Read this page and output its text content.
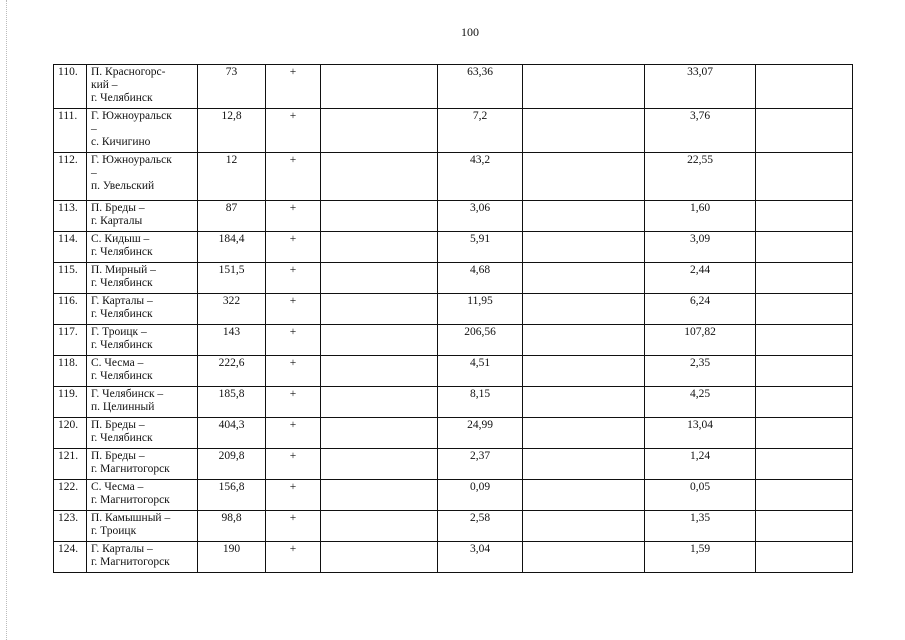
100
110.	П. Красногорс-
кий –
г. Челябинск	73	+		63,36		33,07	
111.	Г. Южноуральск
–
с. Кичигино	12,8	+		7,2		3,76	
112.	Г. Южноуральск
–
п. Увельский	12	+		43,2		22,55	
113.	П. Бреды –
г. Карталы	87	+		3,06		1,60	
114.	С. Кидыш –
г. Челябинск	184,4	+		5,91		3,09	
115.	П. Мирный –
г. Челябинск	151,5	+		4,68		2,44	
116.	Г. Карталы –
г. Челябинск	322	+		11,95		6,24	
117.	Г. Троицк –
г. Челябинск	143	+		206,56		107,82	
118.	С. Чесма –
г. Челябинск	222,6	+		4,51		2,35	
119.	Г. Челябинск –
п. Целинный	185,8	+		8,15		4,25	
120.	П. Бреды –
г. Челябинск	404,3	+		24,99		13,04	
121.	П. Бреды –
г. Магнитогорск	209,8	+		2,37		1,24	
122.	С. Чесма –
г. Магнитогорск	156,8	+		0,09		0,05	
123.	П. Камышный –
г. Троицк	98,8	+		2,58		1,35	
124.	Г. Карталы –
г. Магнитогорск	190	+		3,04		1,59	
